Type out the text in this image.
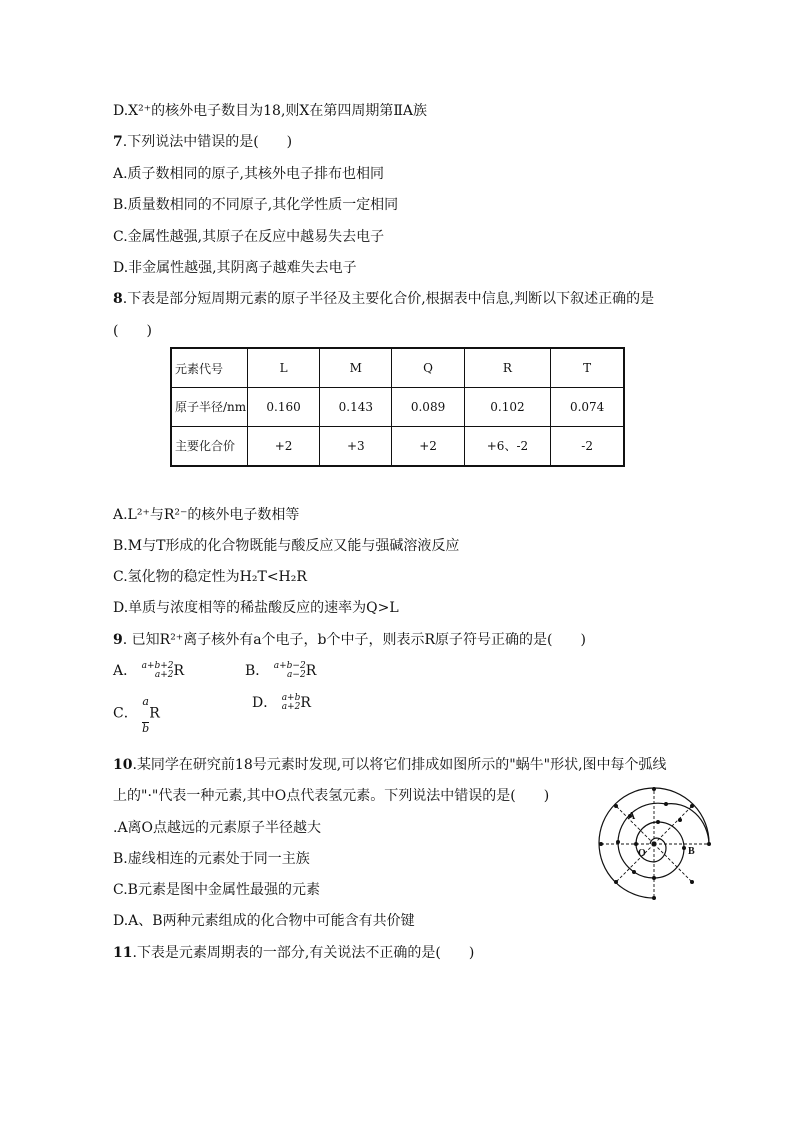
D.X²⁺的核外电子数目为18,则X在第四周期第ⅡA族
7.下列说法中错误的是(　　)
A.质子数相同的原子,其核外电子排布也相同
B.质量数相同的不同原子,其化学性质一定相同
C.金属性越强,其原子在反应中越易失去电子
D.非金属性越强,其阴离子越难失去电子
8.下表是部分短周期元素的原子半径及主要化合价,根据表中信息,判断以下叙述正确的是
(　　)
元素代号	L	M	Q	R	T
原子半径/nm	0.160	0.143	0.089	0.102	0.074
主要化合价	+2	+3	+2	+6、-2	-2
A.L²⁺与R²⁻的核外电子数相等
B.M与T形成的化合物既能与酸反应又能与强碱溶液反应
C.氢化物的稳定性为H₂T<H₂R
D.单质与浓度相等的稀盐酸反应的速率为Q>L
9. 已知R²⁺离子核外有a个电子，b个中子，则表示R原子符号正确的是(　　)
A． a+b+2
a+2 R	B． a+b−2
a−2 R
C． $\frac{a}{b}$ R
D． a+b
a+2 R
10.某同学在研究前18号元素时发现,可以将它们排成如图所示的"蜗牛"形状,图中每个弧线
上的"·"代表一种元素,其中O点代表氢元素。下列说法中错误的是(　　)
.A离O点越远的元素原子半径越大
B.虚线相连的元素处于同一主族
C.B元素是图中金属性最强的元素
D.A、B两种元素组成的化合物中可能含有共价键
A
O	B
11.下表是元素周期表的一部分,有关说法不正确的是(　　)
